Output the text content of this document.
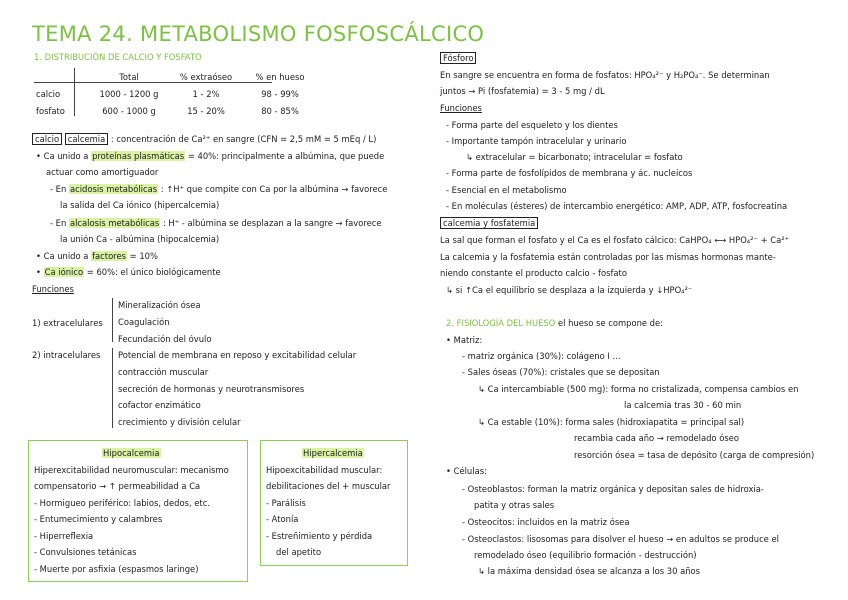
TEMA 24. METABOLISMO FOSFOSCÁLCICO
1. DISTRIBUCIÓN DE CALCIO Y FOSFATO
	Total	% extraóseo	% en hueso
calcio	1000 - 1200 g	1 - 2%	98 - 99%
fosfato	600 - 1000 g	15 - 20%	80 - 85%
calcio calcemia : concentración de Ca²⁺ en sangre (CFN = 2,5 mM = 5 mEq / L)
• Ca unido a proteínas plasmáticas = 40%: principalmente a albúmina, que puede
actuar como amortiguador
- En acidosis metabólicas : ↑H⁺ que compite con Ca por la albúmina → favorece
la salida del Ca iónico (hipercalcemia)
- En alcalosis metabólicas : H⁺ - albúmina se desplazan a la sangre → favorece
la unión Ca - albúmina (hipocalcemia)
• Ca unido a factores = 10%
• Ca iónico = 60%: el único biológicamente
Funciones
1) extracelulares
Mineralización ósea
Coagulación
Fecundación del óvulo
2) intracelulares Potencial de membrana en reposo y excitabilidad celular
contracción muscular
secreción de hormonas y neurotransmisores
cofactor enzimático
crecimiento y división celular
Hipocalcemia
Hiperexcitabilidad neuromuscular: mecanismo
compensatorio → ↑ permeabilidad a Ca
- Hormigueo periférico: labios, dedos, etc.
- Entumecimiento y calambres
- Hiperreflexia
- Convulsiones tetánicas
- Muerte por asfixia (espasmos laringe)
Hipercalcemia
Hipoexcitabilidad muscular:
debilitaciones del + muscular
- Parálisis
- Atonía
- Estreñimiento y pérdida
del apetito
Fósforo
En sangre se encuentra en forma de fosfatos: HPO₄²⁻ y H₂PO₄⁻. Se determinan
juntos → Pi (fosfatemia) = 3 - 5 mg / dL
Funciones
- Forma parte del esqueleto y los dientes
- Importante tampón intracelular y urinario
↳ extracelular = bicarbonato; intracelular = fosfato
- Forma parte de fosfolípidos de membrana y ác. nucleicos
- Esencial en el metabolismo
- En moléculas (ésteres) de intercambio energético: AMP, ADP, ATP, fosfocreatina
calcemia y fosfatemia
La sal que forman el fosfato y el Ca es el fosfato cálcico: CaHPO₄ ⟷ HPO₄²⁻ + Ca²⁺
La calcemia y la fosfatemia están controladas por las mismas hormonas mante-
niendo constante el producto calcio - fosfato
↳ si ↑Ca el equilibrio se desplaza a la izquierda y ↓HPO₄²⁻
2. FISIOLOGÍA DEL HUESO el hueso se compone de:
• Matriz:
- matriz orgánica (30%): colágeno I ...
- Sales óseas (70%): cristales que se depositan
↳ Ca intercambiable (500 mg): forma no cristalizada, compensa cambios en
la calcemia tras 30 - 60 min
↳ Ca estable (10%): forma sales (hidroxiapatita = principal sal)
recambia cada año → remodelado óseo
resorción ósea = tasa de depósito (carga de compresión)
• Células:
- Osteoblastos: forman la matriz orgánica y depositan sales de hidroxia-
patita y otras sales
- Osteocitos: incluidos en la matriz ósea
- Osteoclastos: lisosomas para disolver el hueso → en adultos se produce el
remodelado óseo (equilibrio formación - destrucción)
↳ la máxima densidad ósea se alcanza a los 30 años
